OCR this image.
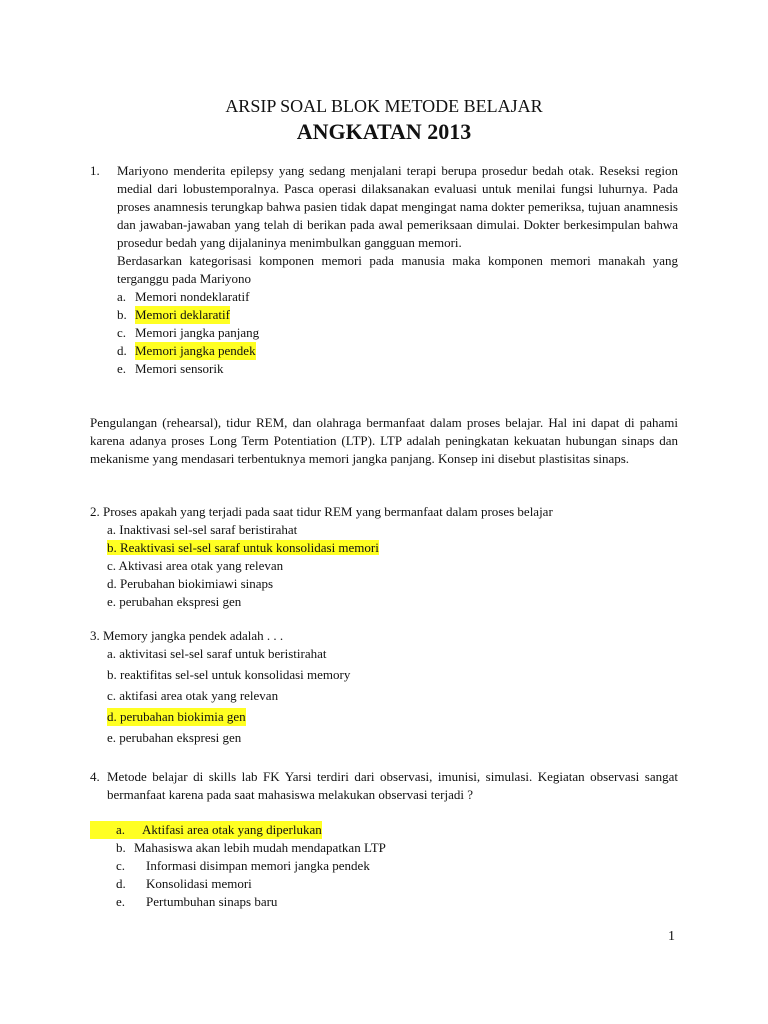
ARSIP SOAL BLOK METODE BELAJAR
ANGKATAN 2013
1. Mariyono menderita epilepsy yang sedang menjalani terapi berupa prosedur bedah otak. Reseksi region medial dari lobustemporalnya. Pasca operasi dilaksanakan evaluasi untuk menilai fungsi luhurnya. Pada proses anamnesis terungkap bahwa pasien tidak dapat mengingat nama dokter pemeriksa, tujuan anamnesis dan jawaban-jawaban yang telah di berikan pada awal pemeriksaan dimulai. Dokter berkesimpulan bahwa prosedur bedah yang dijalaninya menimbulkan gangguan memori.
Berdasarkan kategorisasi komponen memori pada manusia maka komponen memori manakah yang terganggu pada Mariyono
a. Memori nondeklaratif
b. Memori deklaratif
c. Memori jangka panjang
d. Memori jangka pendek
e. Memori sensorik
Pengulangan (rehearsal), tidur REM, dan olahraga bermanfaat dalam proses belajar. Hal ini dapat di pahami karena adanya proses Long Term Potentiation (LTP). LTP adalah peningkatan kekuatan hubungan sinaps dan mekanisme yang mendasari terbentuknya memori jangka panjang. Konsep ini disebut plastisitas sinaps.
2. Proses apakah yang terjadi pada saat tidur REM yang bermanfaat dalam proses belajar
a. Inaktivasi sel-sel saraf beristirahat
b. Reaktivasi sel-sel saraf untuk konsolidasi memori
c. Aktivasi area otak yang relevan
d. Perubahan biokimiawi sinaps
e. perubahan ekspresi gen
3. Memory jangka pendek adalah . . .
a. aktivitasi sel-sel saraf untuk beristirahat
b. reaktifitas sel-sel untuk konsolidasi memory
c. aktifasi area otak yang relevan
d. perubahan biokimia gen
e. perubahan ekspresi gen
4. Metode belajar di skills lab FK Yarsi terdiri dari observasi, imunisi, simulasi. Kegiatan observasi sangat bermanfaat karena pada saat mahasiswa melakukan observasi terjadi ?
a.	Aktifasi area otak yang diperlukan
b. Mahasiswa akan lebih mudah mendapatkan LTP
c.	Informasi disimpan memori jangka pendek
d.	Konsolidasi memori
e.	Pertumbuhan sinaps baru
1
